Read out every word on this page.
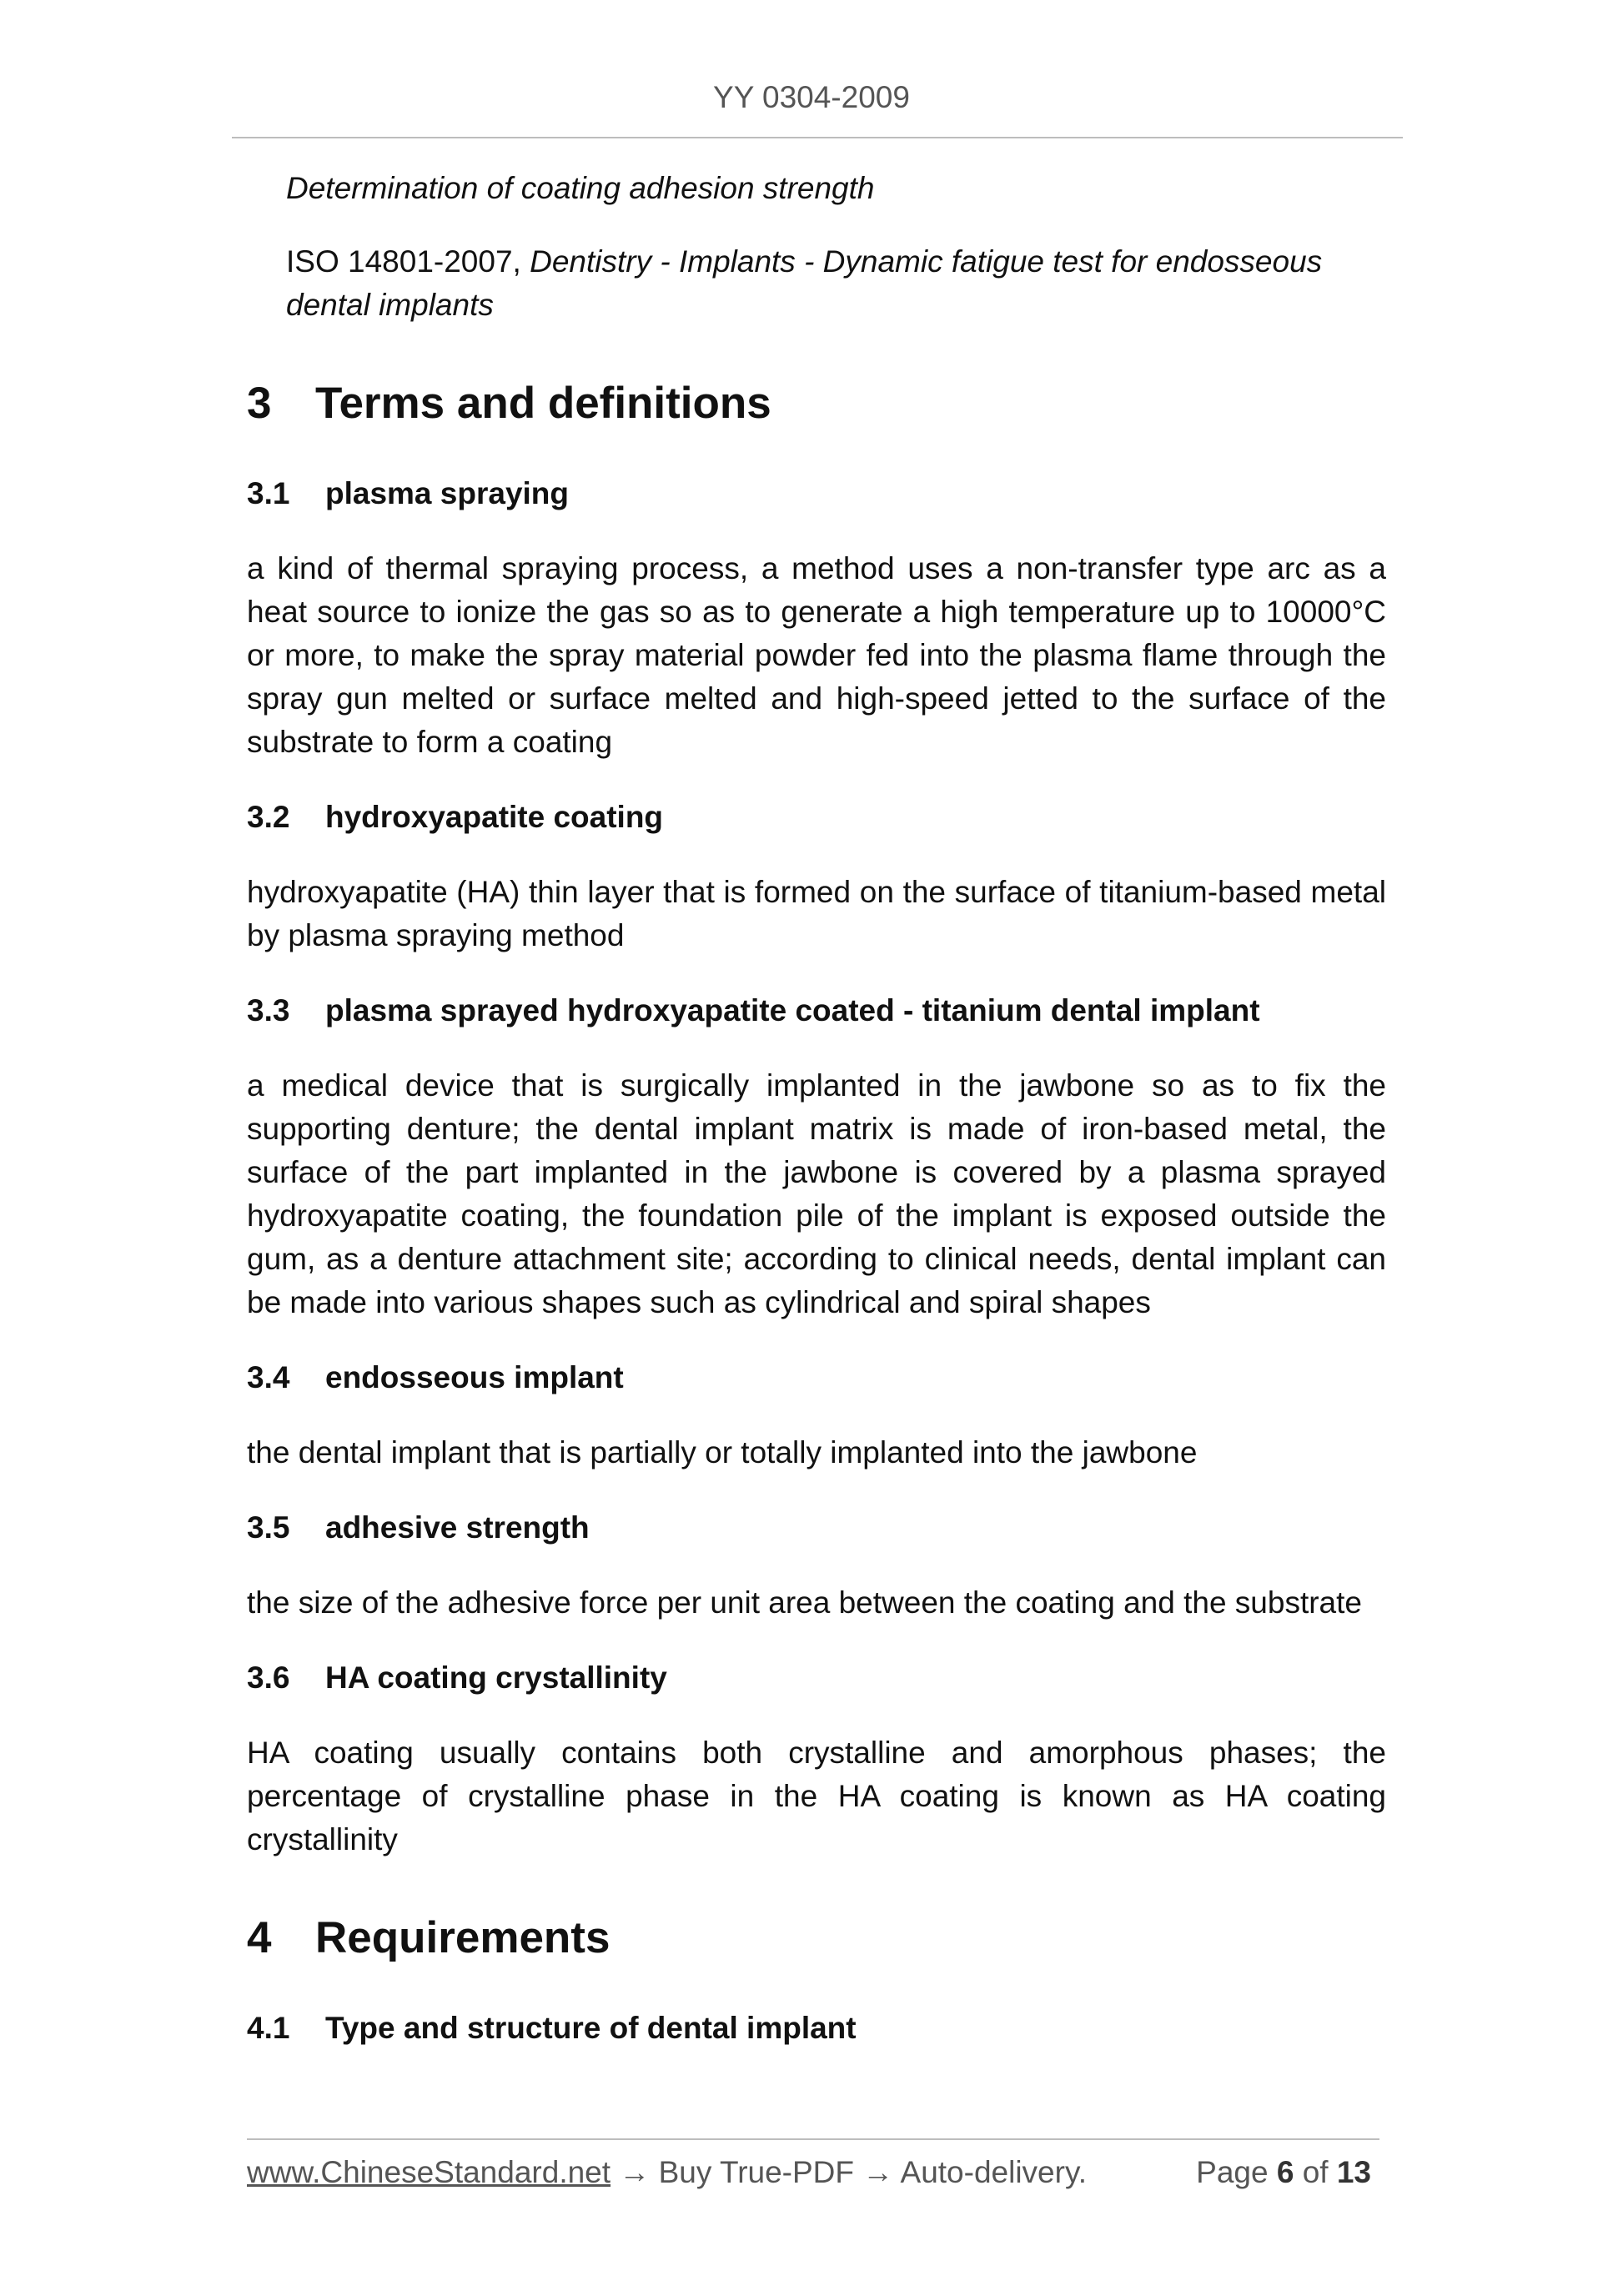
YY 0304-2009
Determination of coating adhesion strength
ISO 14801-2007, Dentistry - Implants - Dynamic fatigue test for endosseous dental implants
3 Terms and definitions
3.1 plasma spraying
a kind of thermal spraying process, a method uses a non-transfer type arc as a heat source to ionize the gas so as to generate a high temperature up to 10000°C or more, to make the spray material powder fed into the plasma flame through the spray gun melted or surface melted and high-speed jetted to the surface of the substrate to form a coating
3.2 hydroxyapatite coating
hydroxyapatite (HA) thin layer that is formed on the surface of titanium-based metal by plasma spraying method
3.3 plasma sprayed hydroxyapatite coated - titanium dental implant
a medical device that is surgically implanted in the jawbone so as to fix the supporting denture; the dental implant matrix is made of iron-based metal, the surface of the part implanted in the jawbone is covered by a plasma sprayed hydroxyapatite coating, the foundation pile of the implant is exposed outside the gum, as a denture attachment site; according to clinical needs, dental implant can be made into various shapes such as cylindrical and spiral shapes
3.4 endosseous implant
the dental implant that is partially or totally implanted into the jawbone
3.5 adhesive strength
the size of the adhesive force per unit area between the coating and the substrate
3.6 HA coating crystallinity
HA coating usually contains both crystalline and amorphous phases; the percentage of crystalline phase in the HA coating is known as HA coating crystallinity
4 Requirements
4.1 Type and structure of dental implant
www.ChineseStandard.net → Buy True-PDF → Auto-delivery.	Page 6 of 13
